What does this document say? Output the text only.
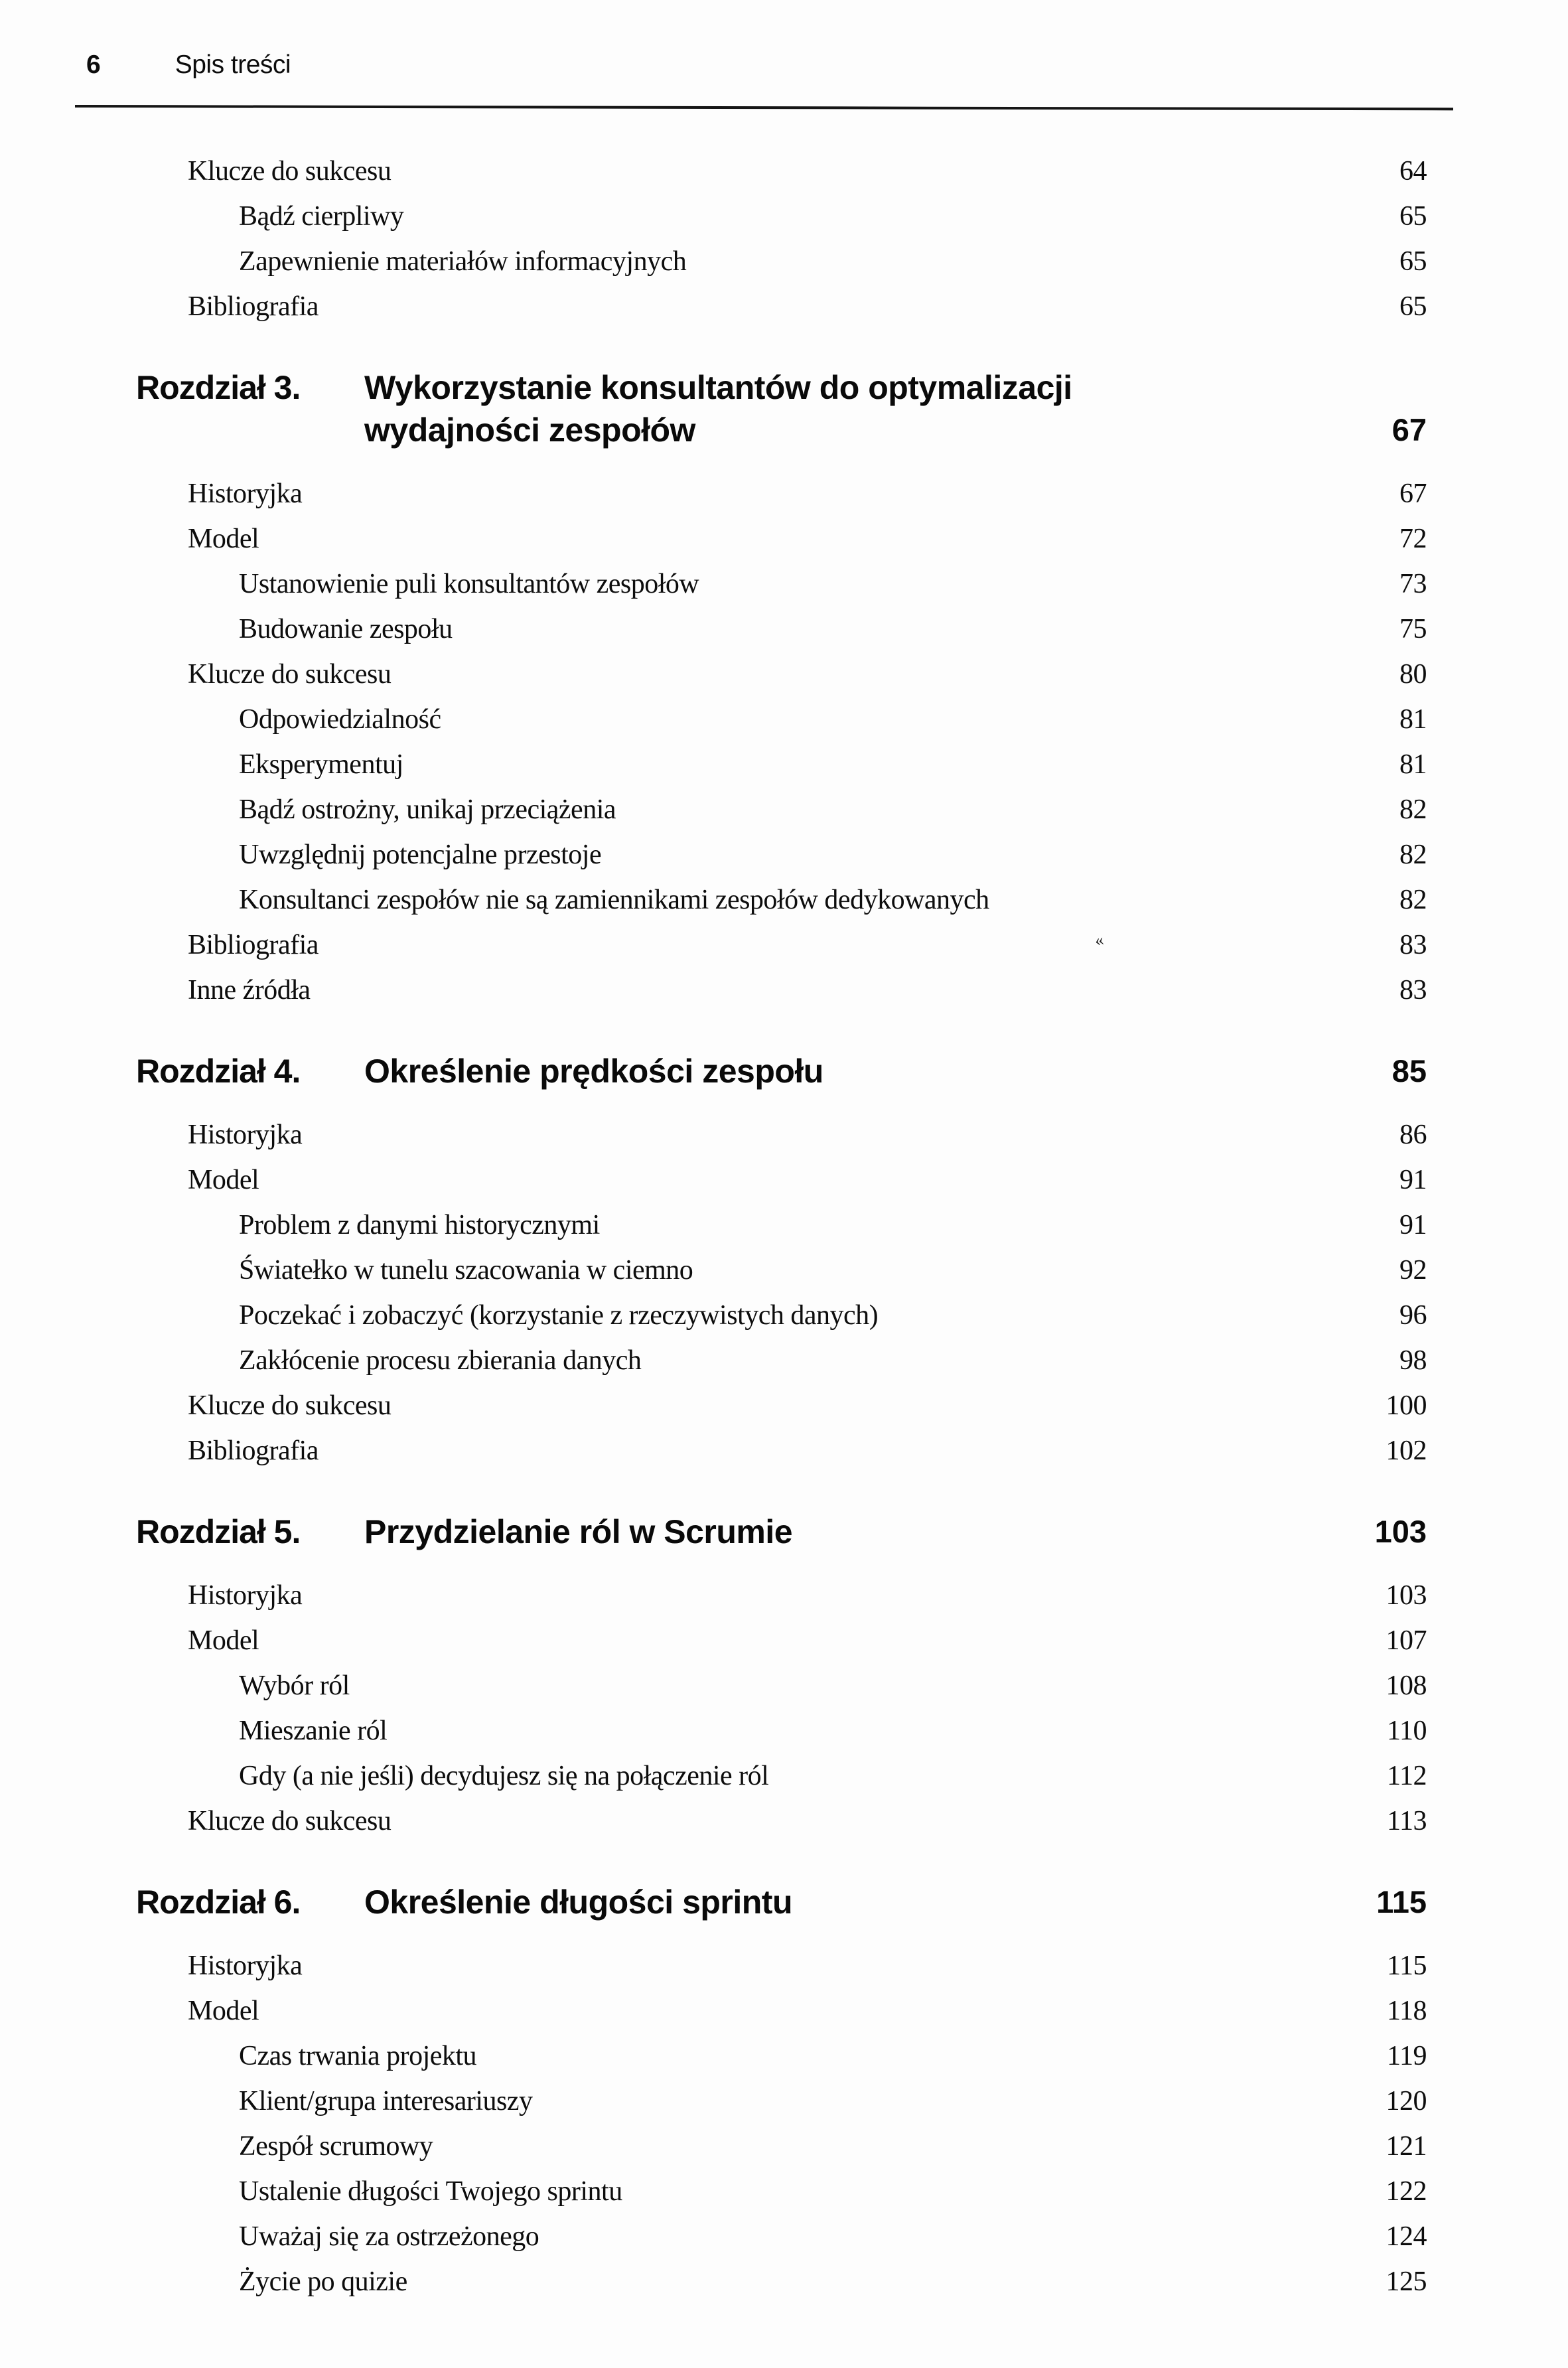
6	Spis treści
Klucze do sukcesu	64
Bądź cierpliwy	65
Zapewnienie materiałów informacyjnych	65
Bibliografia	65
Rozdział 3.	Wykorzystanie konsultantów do optymalizacji wydajności zespołów	67
Historyjka	67
Model	72
Ustanowienie puli konsultantów zespołów	73
Budowanie zespołu	75
Klucze do sukcesu	80
Odpowiedzialność	81
Eksperymentuj	81
Bądź ostrożny, unikaj przeciążenia	82
Uwzględnij potencjalne przestoje	82
Konsultanci zespołów nie są zamiennikami zespołów dedykowanych	82
Bibliografia	83
«
Inne źródła	83
Rozdział 4.	Określenie prędkości zespołu	85
Historyjka	86
Model	91
Problem z danymi historycznymi	91
Światełko w tunelu szacowania w ciemno	92
Poczekać i zobaczyć (korzystanie z rzeczywistych danych)	96
Zakłócenie procesu zbierania danych	98
Klucze do sukcesu	100
Bibliografia	102
Rozdział 5.	Przydzielanie ról w Scrumie	103
Historyjka	103
Model	107
Wybór ról	108
Mieszanie ról	110
Gdy (a nie jeśli) decydujesz się na połączenie ról	112
Klucze do sukcesu	113
Rozdział 6.	Określenie długości sprintu	115
Historyjka	115
Model	118
Czas trwania projektu	119
Klient/grupa interesariuszy	120
Zespół scrumowy	121
Ustalenie długości Twojego sprintu	122
Uważaj się za ostrzeżonego	124
Życie po quizie	125
